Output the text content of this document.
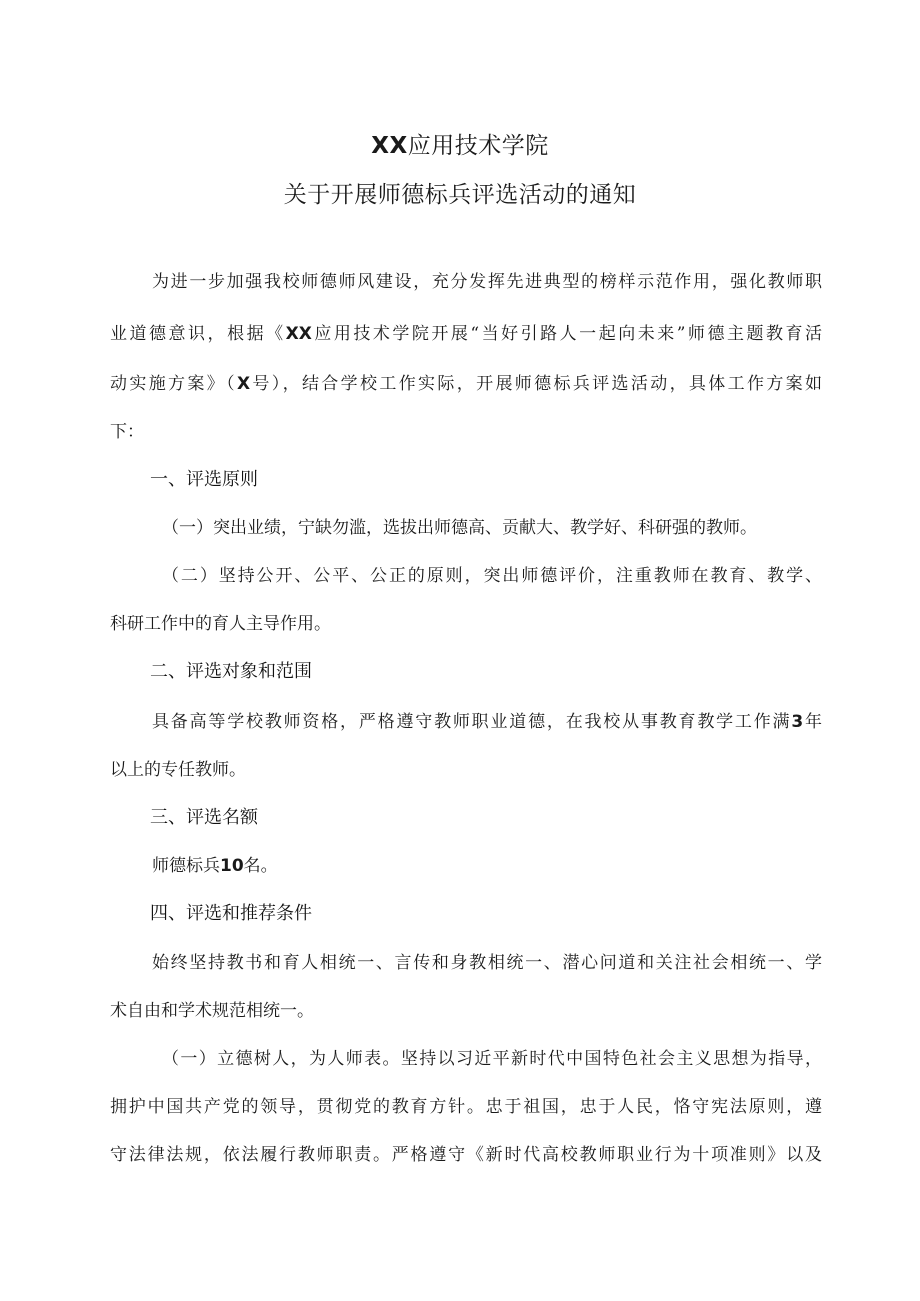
XX应用技术学院
关于开展师德标兵评选活动的通知
为进一步加强我校师德师风建设，充分发挥先进典型的榜样示范作用，强化教师职
业道德意识，根据《XX应用技术学院开展“当好引路人一起向未来”师德主题教育活
动实施方案》（X号），结合学校工作实际，开展师德标兵评选活动，具体工作方案如
下：
一、评选原则
（一）突出业绩，宁缺勿滥，选拔出师德高、贡献大、教学好、科研强的教师。
（二）坚持公开、公平、公正的原则，突出师德评价，注重教师在教育、教学、
科研工作中的育人主导作用。
二、评选对象和范围
具备高等学校教师资格，严格遵守教师职业道德，在我校从事教育教学工作满3年
以上的专任教师。
三、评选名额
师德标兵10名。
四、评选和推荐条件
始终坚持教书和育人相统一、言传和身教相统一、潜心问道和关注社会相统一、学
术自由和学术规范相统一。
（一）立德树人，为人师表。坚持以习近平新时代中国特色社会主义思想为指导，
拥护中国共产党的领导，贯彻党的教育方针。忠于祖国，忠于人民，恪守宪法原则，遵
守法律法规，依法履行教师职责。严格遵守《新时代高校教师职业行为十项准则》以及
